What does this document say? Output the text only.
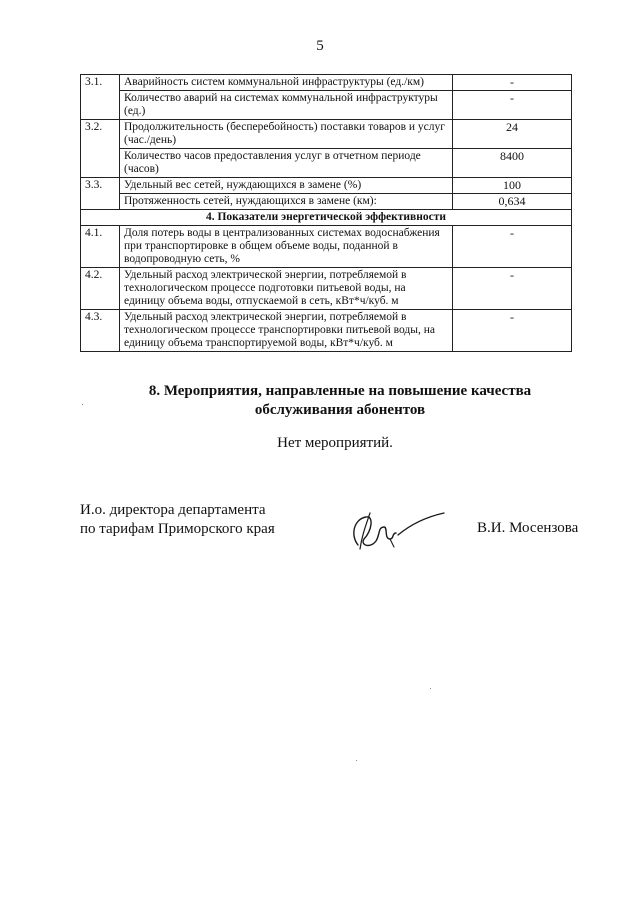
5
3.1.	Аварийность систем коммунальной инфраструктуры (ед./км)	-
	Количество аварий на системах коммунальной инфраструктуры (ед.)	-
3.2.	Продолжительность (бесперебойность) поставки товаров и услуг (час./день)	24
	Количество часов предоставления услуг в отчетном периоде (часов)	8400
3.3.	Удельный вес сетей, нуждающихся в замене (%)	100
	Протяженность сетей, нуждающихся в замене (км):	0,634
4. Показатели энергетической эффективности		
4.1.	Доля потерь воды в централизованных системах водоснабжения при транспортировке в общем объеме воды, поданной в водопроводную сеть, %	-
4.2.	Удельный расход электрической энергии, потребляемой в технологическом процессе подготовки питьевой воды, на единицу объема воды, отпускаемой в сеть, кВт*ч/куб. м	-
4.3.	Удельный расход электрической энергии, потребляемой в технологическом процессе транспортировки питьевой воды, на единицу объема транспортируемой воды, кВт*ч/куб. м	-
8. Мероприятия, направленные на повышение качества
обслуживания абонентов
Нет мероприятий.
И.о. директора департамента
по тарифам Приморского края	В.И. Мосензова
